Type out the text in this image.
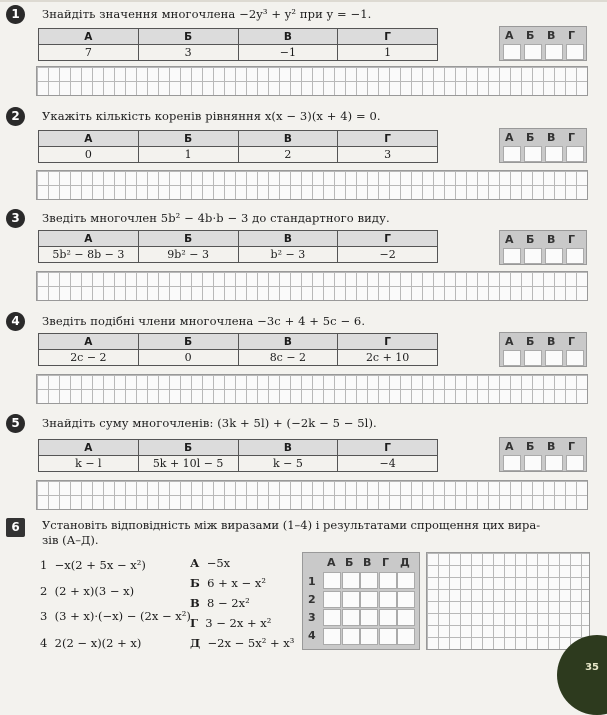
1	Знайдіть значення многочлена −2y³ + y² при y = −1.
А	Б	В	Г
7	3	−1	1
А Б В Г
2	Укажіть кількість коренів рівняння x(x − 3)(x + 4) = 0.
А	Б	В	Г
0	1	2	3
А Б В Г
3	Зведіть многочлен 5b² − 4b·b − 3 до стандартного виду.
А	Б	В	Г
5b² − 8b − 3	9b² − 3	b² − 3	−2
А Б В Г
4	Зведіть подібні члени многочлена −3c + 4 + 5c − 6.
А	Б	В	Г
2c − 2	0	8c − 2	2c + 10
А Б В Г
5	Знайдіть суму многочленів: (3k + 5l) + (−2k − 5 − 5l).
А	Б	В	Г
k − l	5k + 10l − 5	k − 5	−4
А Б В Г
6	Установіть відповідність між виразами (1–4) і результатами спрощення цих вира-
зів (А–Д).
1 −x(2 + 5x − x²)
2 (2 + x)(3 − x)
3 (3 + x)·(−x) − (2x − x²)
4 2(2 − x)(2 + x)
А −5x
Б 6 + x − x²
В 8 − 2x²
Г 3 − 2x + x²
Д −2x − 5x² + x³
А Б В Г Д
1
2
3
4
35
